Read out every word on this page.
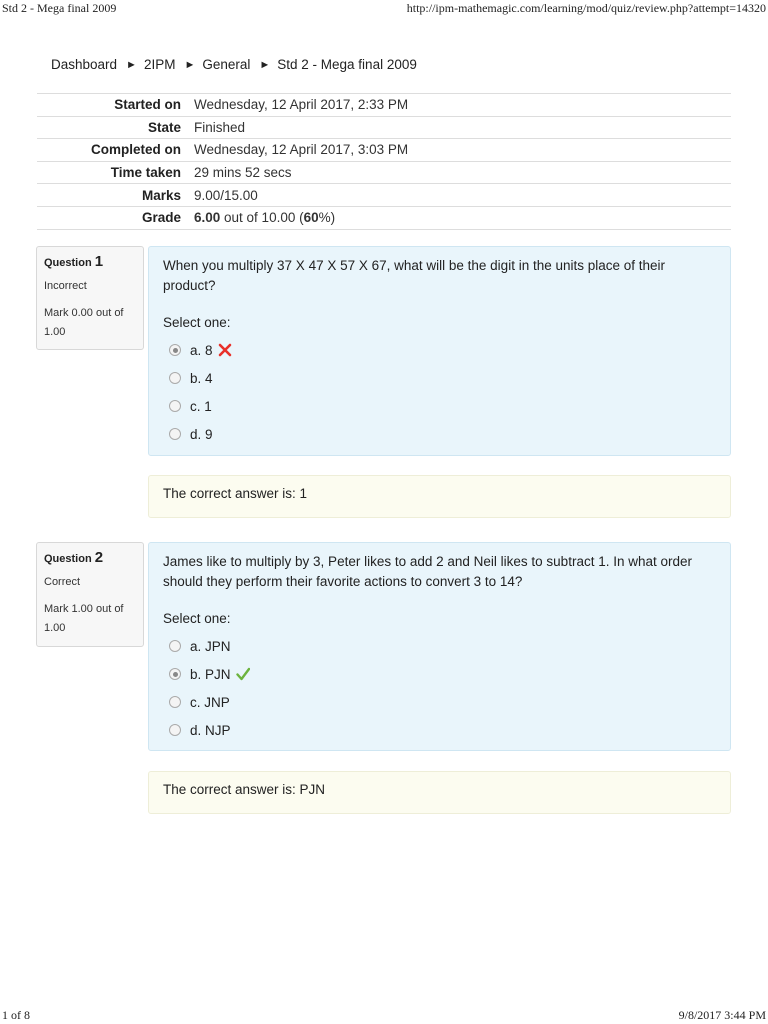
Std 2 - Mega final 2009	http://ipm-mathemagic.com/learning/mod/quiz/review.php?attempt=14320
Dashboard ► 2IPM ► General ► Std 2 - Mega final 2009
Started on	Wednesday, 12 April 2017, 2:33 PM
State	Finished
Completed on	Wednesday, 12 April 2017, 3:03 PM
Time taken	29 mins 52 secs
Marks	9.00/15.00
Grade	6.00 out of 10.00 (60%)
Question 1
Incorrect
Mark 0.00 out of 1.00
When you multiply 37 X 47 X 57 X 67, what will be the digit in the units place of their product?
Select one:
a. 8
b. 4
c. 1
d. 9
The correct answer is: 1
Question 2
Correct
Mark 1.00 out of 1.00
James like to multiply by 3, Peter likes to add 2 and Neil likes to subtract 1. In what order should they perform their favorite actions to convert 3 to 14?
Select one:
a. JPN
b. PJN
c. JNP
d. NJP
The correct answer is: PJN
1 of 8	9/8/2017 3:44 PM
